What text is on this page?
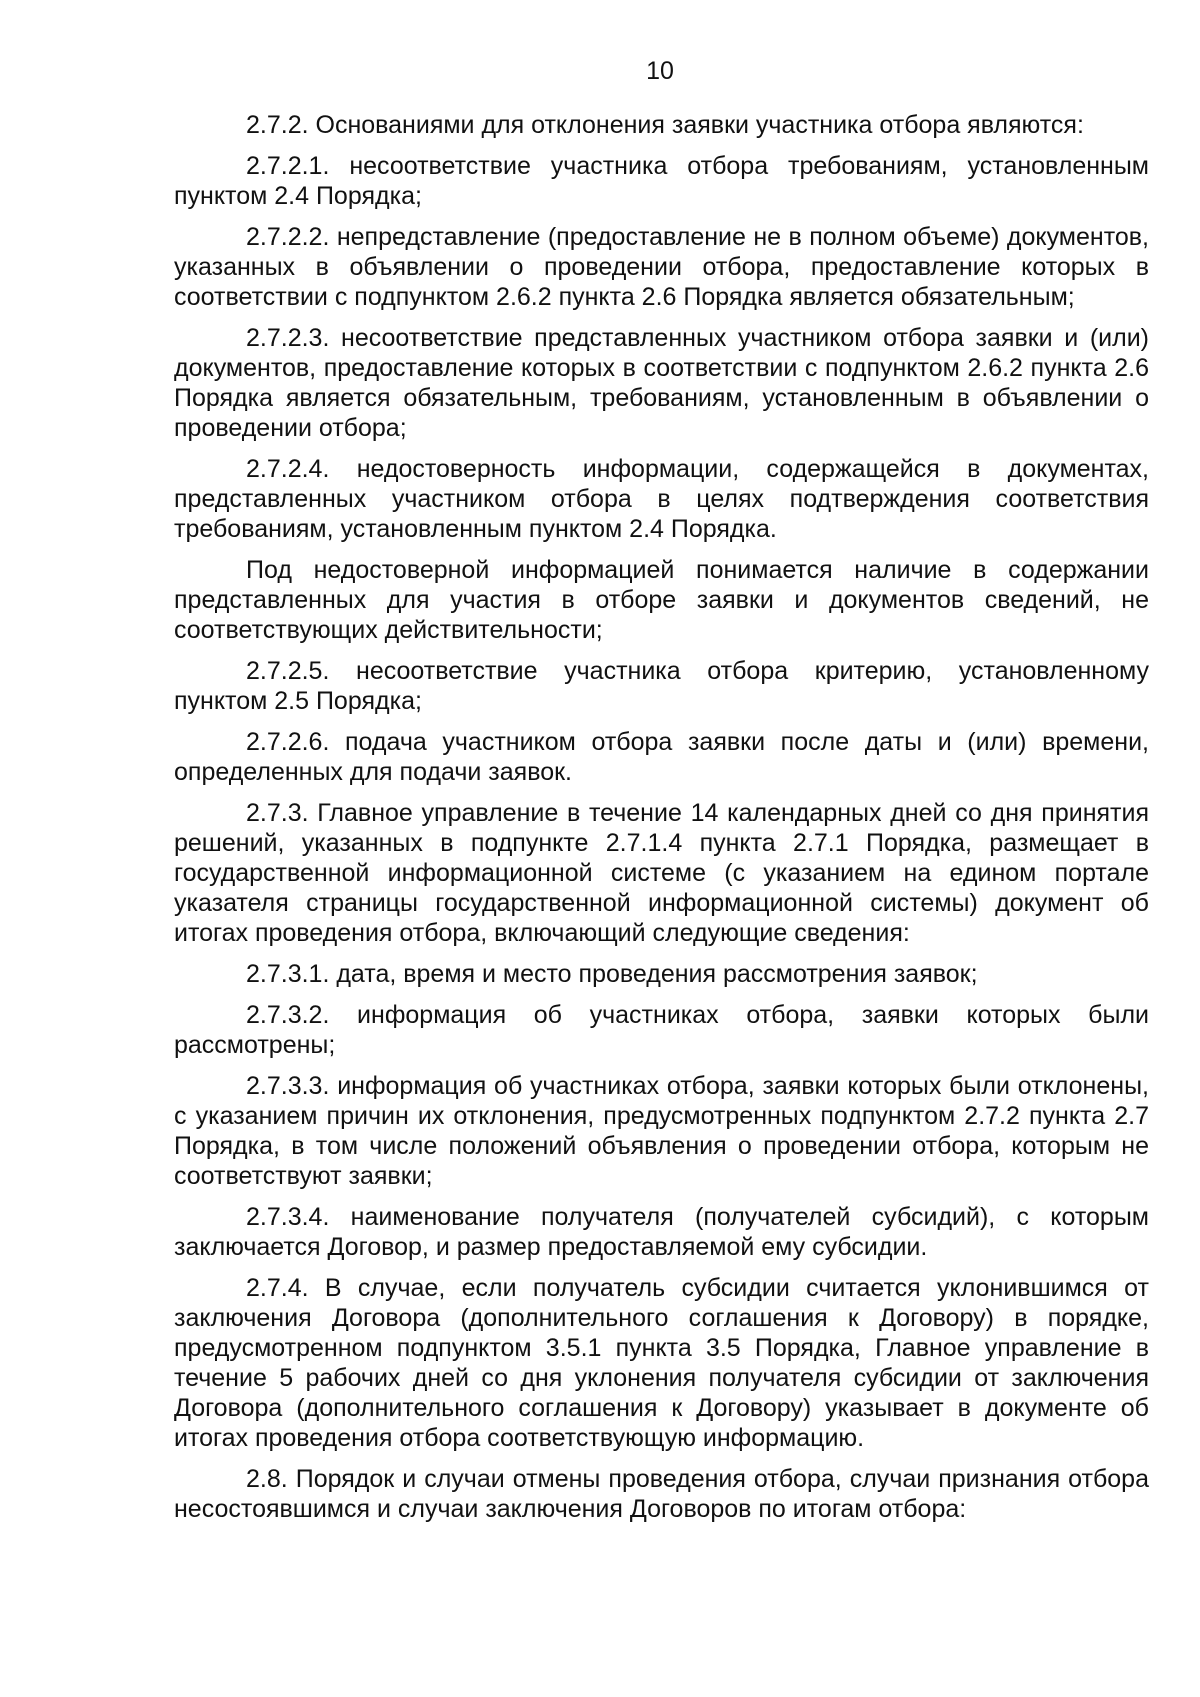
10

2.7.2. Основаниями для отклонения заявки участника отбора являются:

2.7.2.1. несоответствие участника отбора требованиям, установленным пунктом 2.4 Порядка;

2.7.2.2. непредставление (предоставление не в полном объеме) документов, указанных в объявлении о проведении отбора, предоставление которых в соответствии с подпунктом 2.6.2 пункта 2.6 Порядка является обязательным;

2.7.2.3. несоответствие представленных участником отбора заявки и (или) документов, предоставление которых в соответствии с подпунктом 2.6.2 пункта 2.6 Порядка является обязательным, требованиям, установленным в объявлении о проведении отбора;

2.7.2.4. недостоверность информации, содержащейся в документах, представленных участником отбора в целях подтверждения соответствия требованиям, установленным пунктом 2.4 Порядка.

Под недостоверной информацией понимается наличие в содержании представленных для участия в отборе заявки и документов сведений, не соответствующих действительности;

2.7.2.5. несоответствие участника отбора критерию, установленному пунктом 2.5 Порядка;

2.7.2.6. подача участником отбора заявки после даты и (или) времени, определенных для подачи заявок.

2.7.3. Главное управление в течение 14 календарных дней со дня принятия решений, указанных в подпункте 2.7.1.4 пункта 2.7.1 Порядка, размещает в государственной информационной системе (с указанием на едином портале указателя страницы государственной информационной системы) документ об итогах проведения отбора, включающий следующие сведения:

2.7.3.1. дата, время и место проведения рассмотрения заявок;

2.7.3.2. информация об участниках отбора, заявки которых были рассмотрены;

2.7.3.3. информация об участниках отбора, заявки которых были отклонены, с указанием причин их отклонения, предусмотренных подпунктом 2.7.2 пункта 2.7 Порядка, в том числе положений объявления о проведении отбора, которым не соответствуют заявки;

2.7.3.4. наименование получателя (получателей субсидий), с которым заключается Договор, и размер предоставляемой ему субсидии.

2.7.4. В случае, если получатель субсидии считается уклонившимся от заключения Договора (дополнительного соглашения к Договору) в порядке, предусмотренном подпунктом 3.5.1 пункта 3.5 Порядка, Главное управление в течение 5 рабочих дней со дня уклонения получателя субсидии от заключения Договора (дополнительного соглашения к Договору) указывает в документе об итогах проведения отбора соответствующую информацию.

2.8. Порядок и случаи отмены проведения отбора, случаи признания отбора несостоявшимся и случаи заключения Договоров по итогам отбора:
